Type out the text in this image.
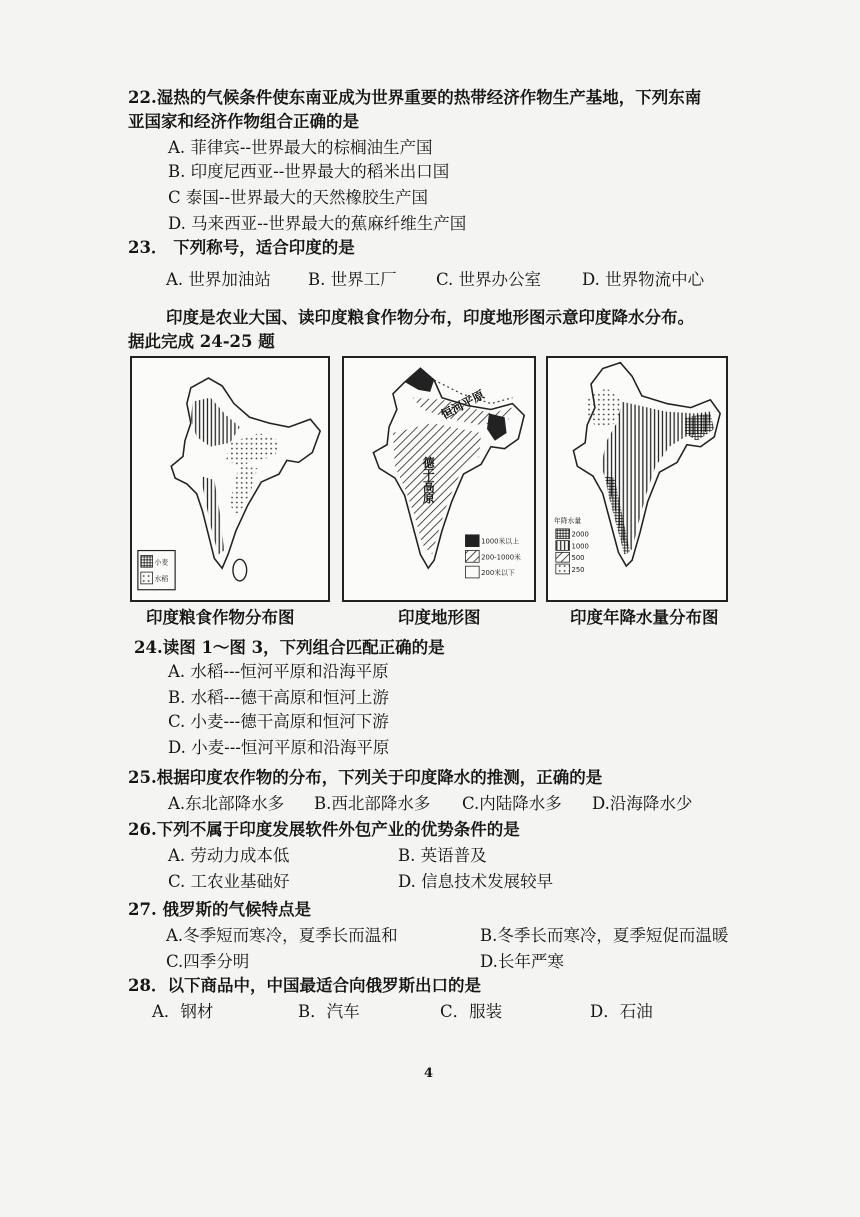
22.湿热的气候条件使东南亚成为世界重要的热带经济作物生产基地，下列东南
亚国家和经济作物组合正确的是
A. 菲律宾--世界最大的棕榈油生产国
B. 印度尼西亚--世界最大的稻米出口国
C 泰国--世界最大的天然橡胶生产国
D. 马来西亚--世界最大的蕉麻纤维生产国
23． 下列称号，适合印度的是
A. 世界加油站 B. 世界工厂 C. 世界办公室 D. 世界物流中心
印度是农业大国、读印度粮食作物分布，印度地形图示意印度降水分布。
据此完成 24-25 题
小麦
水稻
恒河平原
德干高原
1000米以上
200-1000米
200米以下
年降水量
2000
1000
500
250
印度粮食作物分布图	印度地形图	印度年降水量分布图
24.读图 1～图 3，下列组合匹配正确的是
A. 水稻---恒河平原和沿海平原
B. 水稻---德干高原和恒河上游
C. 小麦---德干高原和恒河下游
D. 小麦---恒河平原和沿海平原
25.根据印度农作物的分布，下列关于印度降水的推测，正确的是
A.东北部降水多 B.西北部降水多 C.内陆降水多 D.沿海降水少
26.下列不属于印度发展软件外包产业的优势条件的是
A. 劳动力成本低	B. 英语普及
C. 工农业基础好	D. 信息技术发展较早
27. 俄罗斯的气候特点是
A.冬季短而寒冷，夏季长而温和	B.冬季长而寒冷，夏季短促而温暖
C.四季分明	D.长年严寒
28．以下商品中，中国最适合向俄罗斯出口的是
A．钢材	B．汽车	C．服装	D．石油
4
